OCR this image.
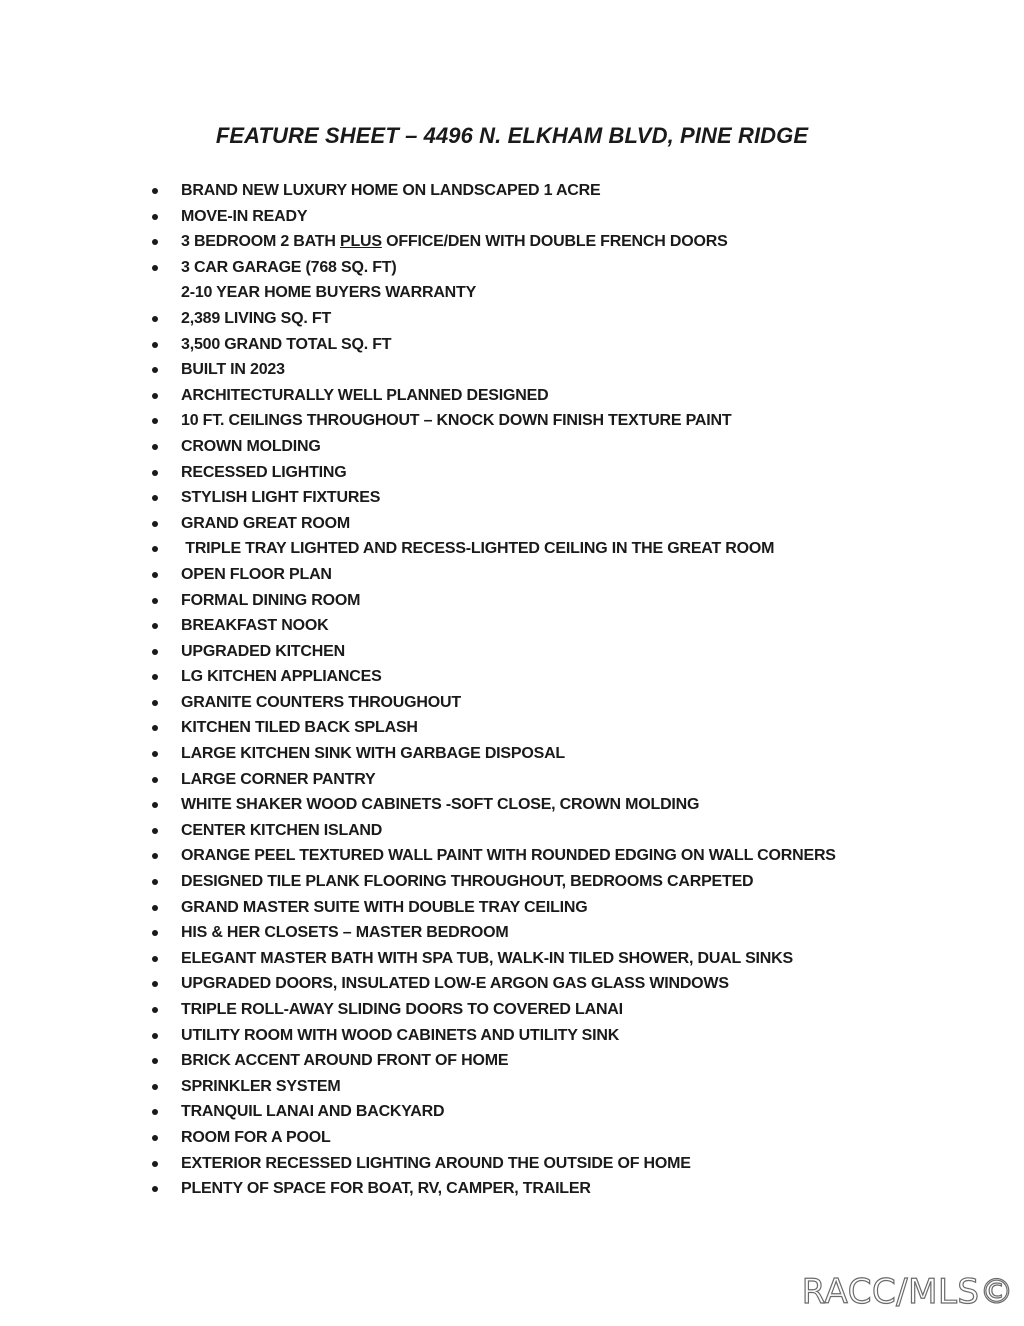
FEATURE SHEET – 4496 N. ELKHAM BLVD, PINE RIDGE
BRAND NEW LUXURY HOME ON LANDSCAPED 1 ACRE
MOVE-IN READY
3 BEDROOM 2 BATH PLUS OFFICE/DEN WITH DOUBLE FRENCH DOORS
3 CAR GARAGE (768 SQ. FT)
2-10 YEAR HOME BUYERS WARRANTY
2,389 LIVING SQ. FT
3,500 GRAND TOTAL SQ. FT
BUILT IN 2023
ARCHITECTURALLY WELL PLANNED DESIGNED
10 FT. CEILINGS THROUGHOUT – KNOCK DOWN FINISH TEXTURE PAINT
CROWN MOLDING
RECESSED LIGHTING
STYLISH LIGHT FIXTURES
GRAND GREAT ROOM
TRIPLE TRAY LIGHTED AND RECESS-LIGHTED CEILING IN THE GREAT ROOM
OPEN FLOOR PLAN
FORMAL DINING ROOM
BREAKFAST NOOK
UPGRADED KITCHEN
LG KITCHEN APPLIANCES
GRANITE COUNTERS THROUGHOUT
KITCHEN TILED BACK SPLASH
LARGE KITCHEN SINK WITH GARBAGE DISPOSAL
LARGE CORNER PANTRY
WHITE SHAKER WOOD CABINETS -SOFT CLOSE, CROWN MOLDING
CENTER KITCHEN ISLAND
ORANGE PEEL TEXTURED WALL PAINT WITH ROUNDED EDGING ON WALL CORNERS
DESIGNED TILE PLANK FLOORING THROUGHOUT, BEDROOMS CARPETED
GRAND MASTER SUITE WITH DOUBLE TRAY CEILING
HIS & HER CLOSETS – MASTER BEDROOM
ELEGANT MASTER BATH WITH SPA TUB, WALK-IN TILED SHOWER, DUAL SINKS
UPGRADED DOORS, INSULATED LOW-E ARGON GAS GLASS WINDOWS
TRIPLE ROLL-AWAY SLIDING DOORS TO COVERED LANAI
UTILITY ROOM WITH WOOD CABINETS AND UTILITY SINK
BRICK ACCENT AROUND FRONT OF HOME
SPRINKLER SYSTEM
TRANQUIL LANAI AND BACKYARD
ROOM FOR A POOL
EXTERIOR RECESSED LIGHTING AROUND THE OUTSIDE OF HOME
PLENTY OF SPACE FOR BOAT, RV, CAMPER, TRAILER
RACC/MLS©
